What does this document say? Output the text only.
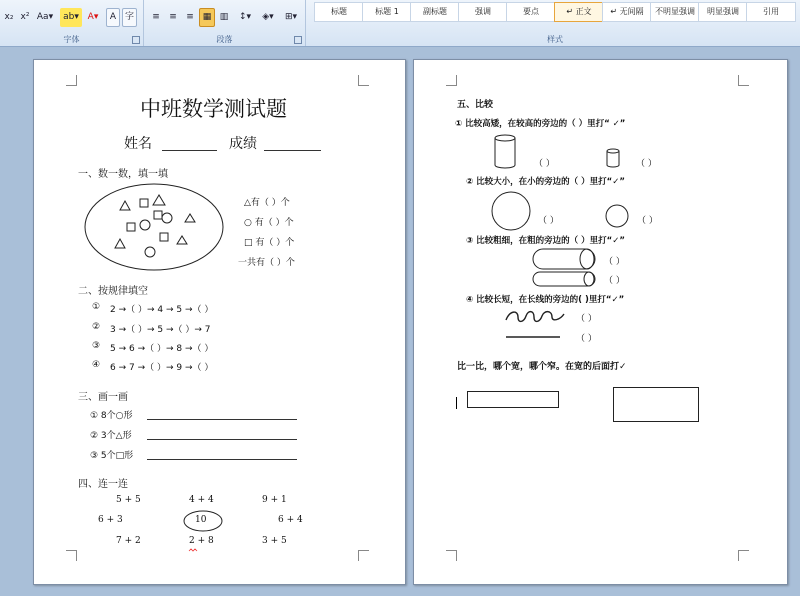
x₂ x² Aa▾	ab▾ A▾	A 字
字体
≡	≡	≡ ▦ ▥	↕▾	◈▾	⊞▾
段落
标题	标题 1	副标题	强调	要点	↵ 正文	↵ 无间隔	不明显强调	明显强调	引用
样式
中班数学测试题
姓名	成绩
一、数一数，填一填
△有（ ）个
○ 有（ ）个
□ 有（ ）个
一共有（ ）个
二、按规律填空
① 2 →（ ）→ 4 → 5 →（ ）
② 3 →（ ）→ 5 →（ ）→ 7
③ 5 → 6 →（ ）→ 8 →（ ）
④ 6 → 7 →（ ）→ 9 →（ ）
三、画一画
① 8个○形
② 3个△形
③ 5个□形
四、连一连
5 + 5	4 + 4	9 + 1
6 + 3	10	6 + 4
7 + 2	2 + 8	3 + 5
五、比较
① 比较高矮，在较高的旁边的（ ）里打“ ✓”
（ ）	（ ）
② 比较大小，在小的旁边的（ ）里打“✓”
（ ）	（ ）
③ 比较粗细，在粗的旁边的（ ）里打“✓”
（ ）
（ ）
④ 比较长短，在长线的旁边的( )里打“✓”
（ ）
（ ）
比一比，哪个宽，哪个窄。在宽的后面打✓
